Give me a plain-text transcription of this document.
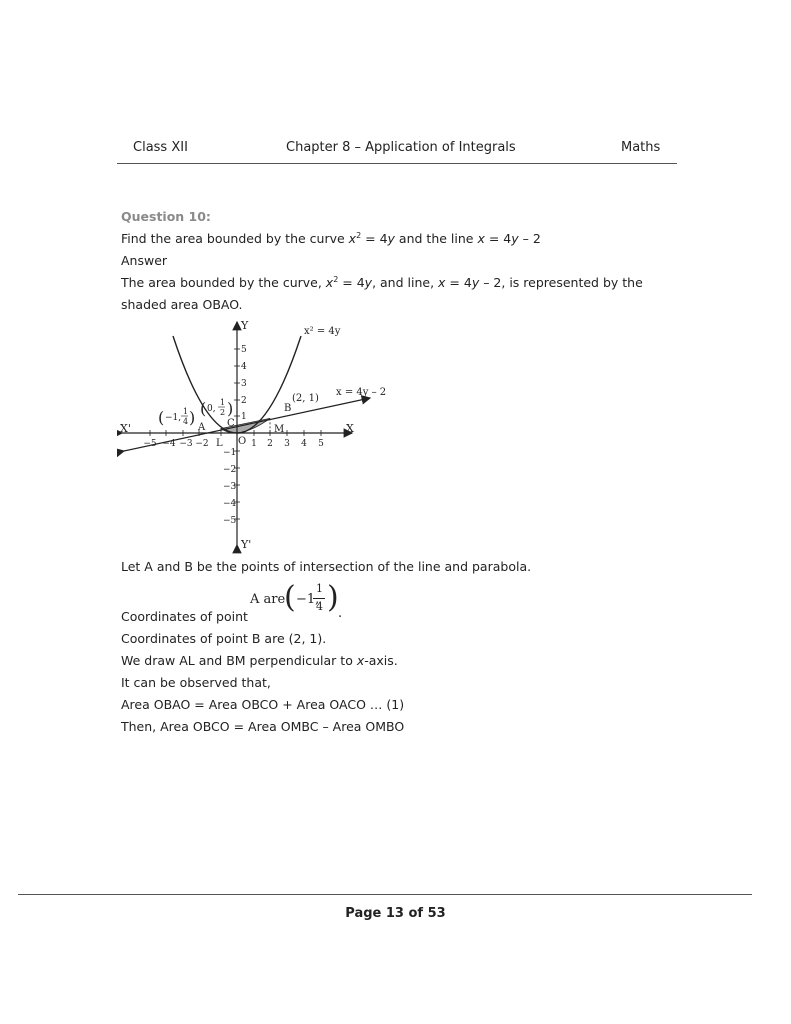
Class XII	Chapter 8 – Application of Integrals	Maths
Question 10:
Find the area bounded by the curve $x^2 = 4y$ and the line x = 4y – 2
Answer
The area bounded by the curve, $x^2 = 4y$, and line, x = 4y – 2, is represented by the
shaded area OBAO.
x² = 4y
x = 4y – 2
X
X'
Y
Y'
O
A
B
C
L
M
(2, 1)
( −1,
1
4 ) ( 0,
1
2 )
1 2 3 4 5
−5 −4 −3 −2
1
2
3
4
5
−1
−2
−3
−4
−5
Let A and B be the points of intersection of the line and parabola.
Coordinates of point
A are
( −1,
1
4 ) .
Coordinates of point B are (2, 1).
We draw AL and BM perpendicular to x-axis.
It can be observed that,
Area OBAO = Area OBCO + Area OACO … (1)
Then, Area OBCO = Area OMBC – Area OMBO
Page 13 of 53
